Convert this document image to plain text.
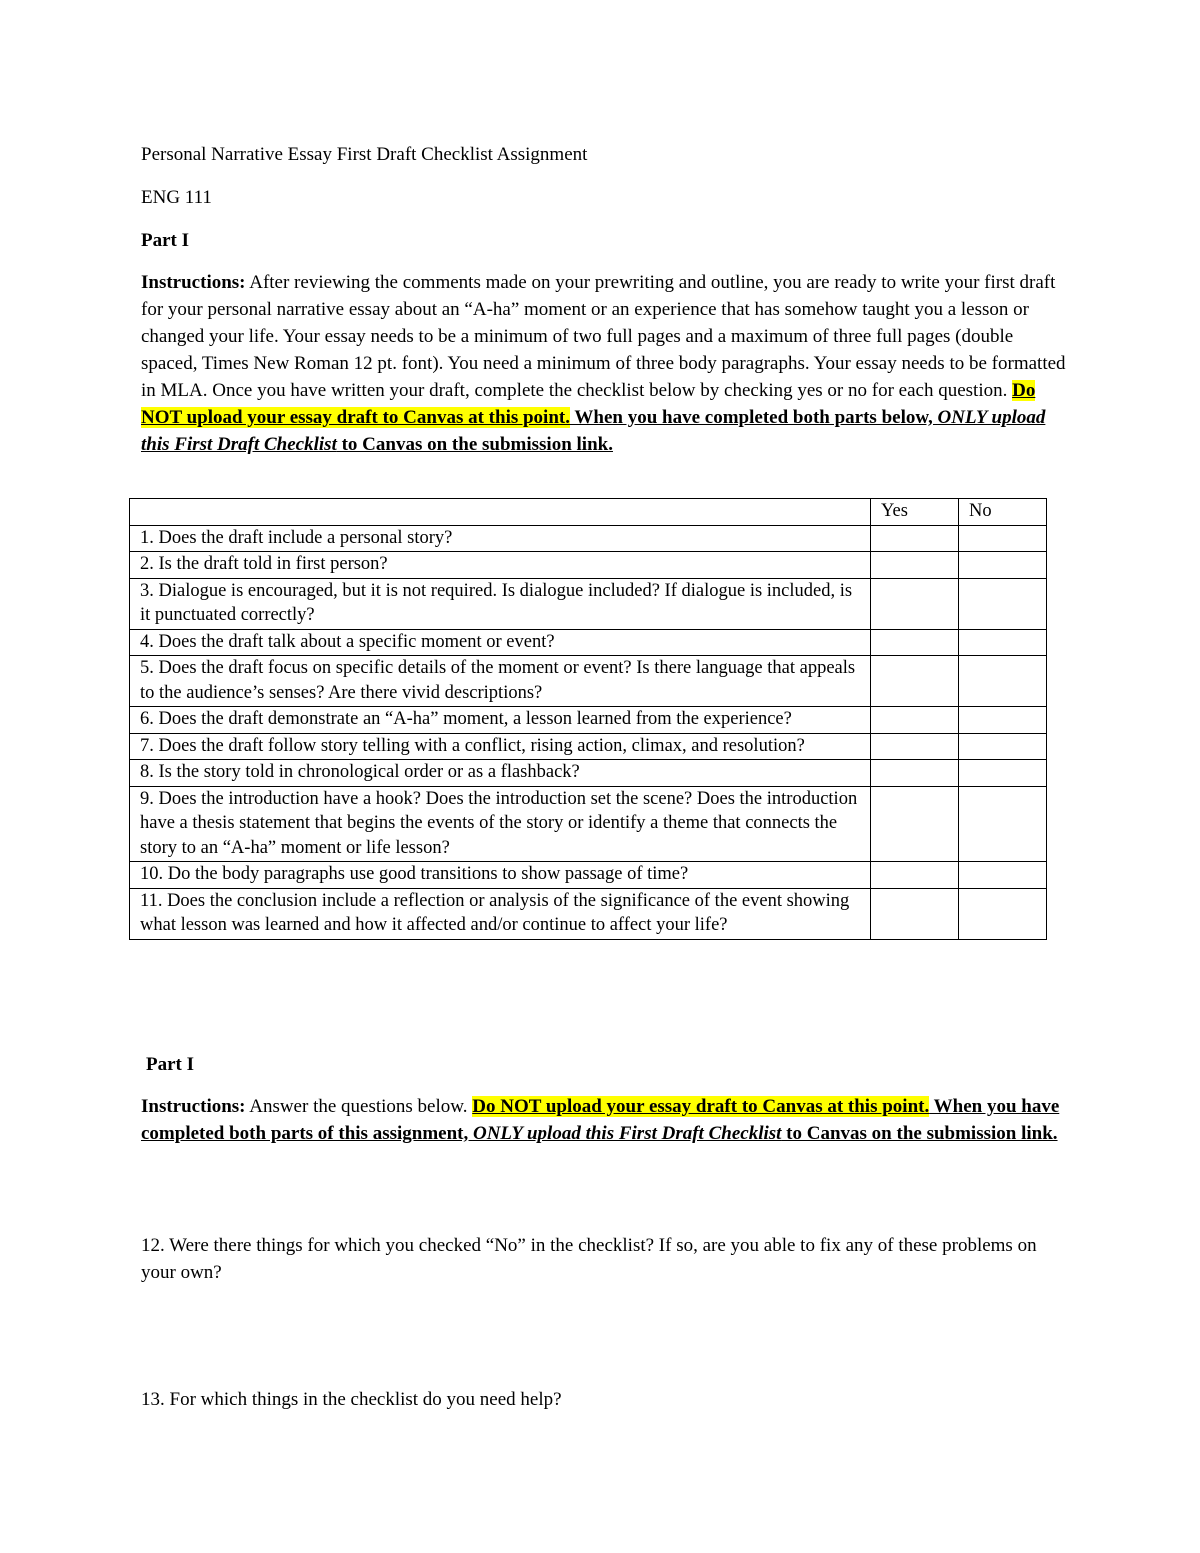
Personal Narrative Essay First Draft Checklist Assignment
ENG 111
Part I
Instructions: After reviewing the comments made on your prewriting and outline, you are ready to write your first draft for your personal narrative essay about an “A-ha” moment or an experience that has somehow taught you a lesson or changed your life. Your essay needs to be a minimum of two full pages and a maximum of three full pages (double spaced, Times New Roman 12 pt. font). You need a minimum of three body paragraphs. Your essay needs to be formatted in MLA. Once you have written your draft, complete the checklist below by checking yes or no for each question. Do NOT upload your essay draft to Canvas at this point. When you have completed both parts below, ONLY upload this First Draft Checklist to Canvas on the submission link.
	Yes	No
1. Does the draft include a personal story?		
2. Is the draft told in first person?		
3. Dialogue is encouraged, but it is not required. Is dialogue included? If dialogue is included, is it punctuated correctly?		
4. Does the draft talk about a specific moment or event?		
5. Does the draft focus on specific details of the moment or event? Is there language that appeals to the audience’s senses? Are there vivid descriptions?		
6. Does the draft demonstrate an “A-ha” moment, a lesson learned from the experience?		
7. Does the draft follow story telling with a conflict, rising action, climax, and resolution?		
8. Is the story told in chronological order or as a flashback?		
9. Does the introduction have a hook? Does the introduction set the scene? Does the introduction have a thesis statement that begins the events of the story or identify a theme that connects the story to an “A-ha” moment or life lesson?		
10. Do the body paragraphs use good transitions to show passage of time?		
11. Does the conclusion include a reflection or analysis of the significance of the event showing what lesson was learned and how it affected and/or continue to affect your life?		
Part I
Instructions: Answer the questions below. Do NOT upload your essay draft to Canvas at this point. When you have completed both parts of this assignment, ONLY upload this First Draft Checklist to Canvas on the submission link.
12. Were there things for which you checked “No” in the checklist? If so, are you able to fix any of these problems on your own?
13. For which things in the checklist do you need help?
